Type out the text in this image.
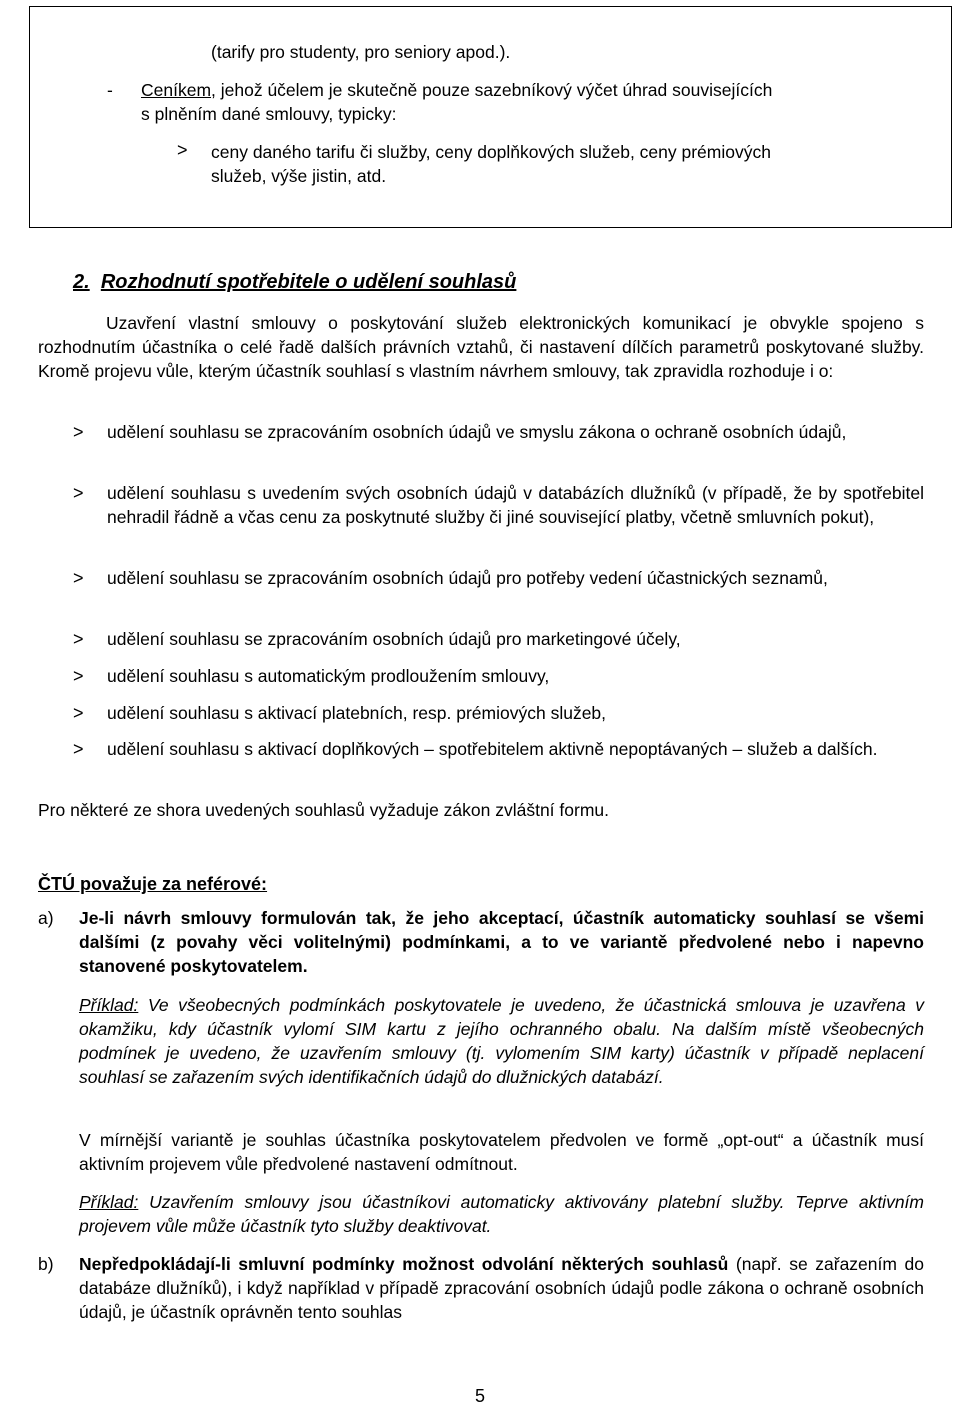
(tarify pro studenty, pro seniory apod.).
- Ceníkem, jehož účelem je skutečně pouze sazebníkový výčet úhrad souvisejících
s plněním dané smlouvy, typicky:
> ceny daného tarifu či služby, ceny doplňkových služeb, ceny prémiových
služeb, výše jistin, atd.
2. Rozhodnutí spotřebitele o udělení souhlasů
Uzavření vlastní smlouvy o poskytování služeb elektronických komunikací je obvykle spojeno s rozhodnutím účastníka o celé řadě dalších právních vztahů, či nastavení dílčích parametrů poskytované služby. Kromě projevu vůle, kterým účastník souhlasí s vlastním návrhem smlouvy, tak zpravidla rozhoduje i o:
> udělení souhlasu se zpracováním osobních údajů ve smyslu zákona o ochraně osobních údajů,
> udělení souhlasu s uvedením svých osobních údajů v databázích dlužníků (v případě, že by spotřebitel nehradil řádně a včas cenu za poskytnuté služby či jiné související platby, včetně smluvních pokut),
> udělení souhlasu se zpracováním osobních údajů pro potřeby vedení účastnických seznamů,
> udělení souhlasu se zpracováním osobních údajů pro marketingové účely,
> udělení souhlasu s automatickým prodloužením smlouvy,
> udělení souhlasu s aktivací platebních, resp. prémiových služeb,
> udělení souhlasu s aktivací doplňkových – spotřebitelem aktivně nepoptávaných – služeb a dalších.
Pro některé ze shora uvedených souhlasů vyžaduje zákon zvláštní formu.
ČTÚ považuje za neférové:
a) Je-li návrh smlouvy formulován tak, že jeho akceptací, účastník automaticky souhlasí se všemi dalšími (z povahy věci volitelnými) podmínkami, a to ve variantě předvolené nebo i napevno stanovené poskytovatelem.
Příklad: Ve všeobecných podmínkách poskytovatele je uvedeno, že účastnická smlouva je uzavřena v okamžiku, kdy účastník vylomí SIM kartu z jejího ochranného obalu. Na dalším místě všeobecných podmínek je uvedeno, že uzavřením smlouvy (tj. vylomením SIM karty) účastník v případě neplacení souhlasí se zařazením svých identifikačních údajů do dlužnických databází.
V mírnější variantě je souhlas účastníka poskytovatelem předvolen ve formě „opt-out“ a účastník musí aktivním projevem vůle předvolené nastavení odmítnout.
Příklad: Uzavřením smlouvy jsou účastníkovi automaticky aktivovány platební služby. Teprve aktivním projevem vůle může účastník tyto služby deaktivovat.
b) Nepředpokládají-li smluvní podmínky možnost odvolání některých souhlasů (např. se zařazením do databáze dlužníků), i když například v případě zpracování osobních údajů podle zákona o ochraně osobních údajů, je účastník oprávněn tento souhlas
5
